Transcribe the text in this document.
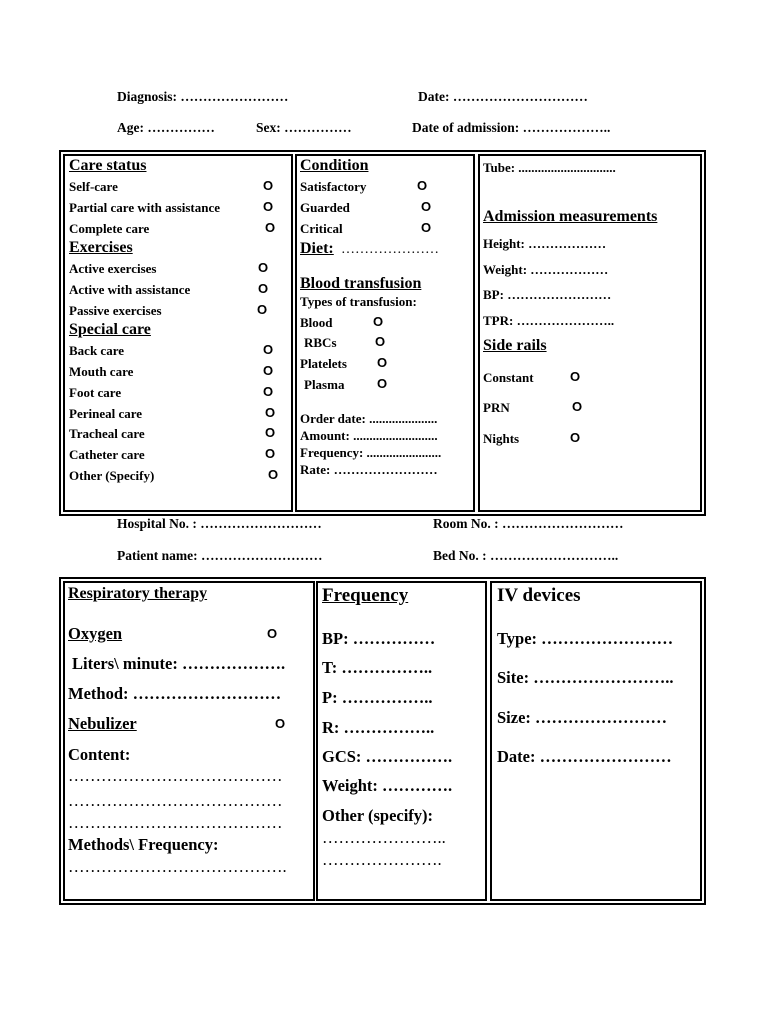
Diagnosis: ……………………	Date: …………………………
Age: ……………	Sex: ……………	Date of admission: ………………..
Care status
Self-care	O
Partial care with assistance	O
Complete care	O
Exercises
Active exercises	O
Active with assistance	O
Passive exercises	O
Special care
Back care	O
Mouth care	O
Foot care	O
Perineal care	O
Tracheal care	O
Catheter care	O
Other (Specify)	O
Condition
Satisfactory	O
Guarded	O
Critical	O
Diet: …………………
Blood transfusion
Types of transfusion:
Blood	O
RBCs	O
Platelets O
Plasma	O
Order date: .....................
Amount: ..........................
Frequency: .......................
Rate: ……………………
Tube: ..............................
Admission measurements
Height: ………………
Weight: ………………
BP: ……………………
TPR: …………………..
Side rails
Constant	O
PRN	O
Nights	O
Hospital No. : ………………………	Room No. : ………………………
Patient name: ………………………	Bed No. : ………………………..
Respiratory therapy
Oxygen	O
Liters\ minute: ……………….
Method: ………………………
Nebulizer	O
Content:
…………………………………
…………………………………
…………………………………
Methods\ Frequency:
………………………………….
Frequency
BP: ……………
T: ……………..
P: ……………..
R: ……………..
GCS: …………….
Weight: ………….
Other (specify):
…………………..
………………….
IV devices
Type: ……………………
Site: ……………………..
Size: ……………………
Date: ……………………
